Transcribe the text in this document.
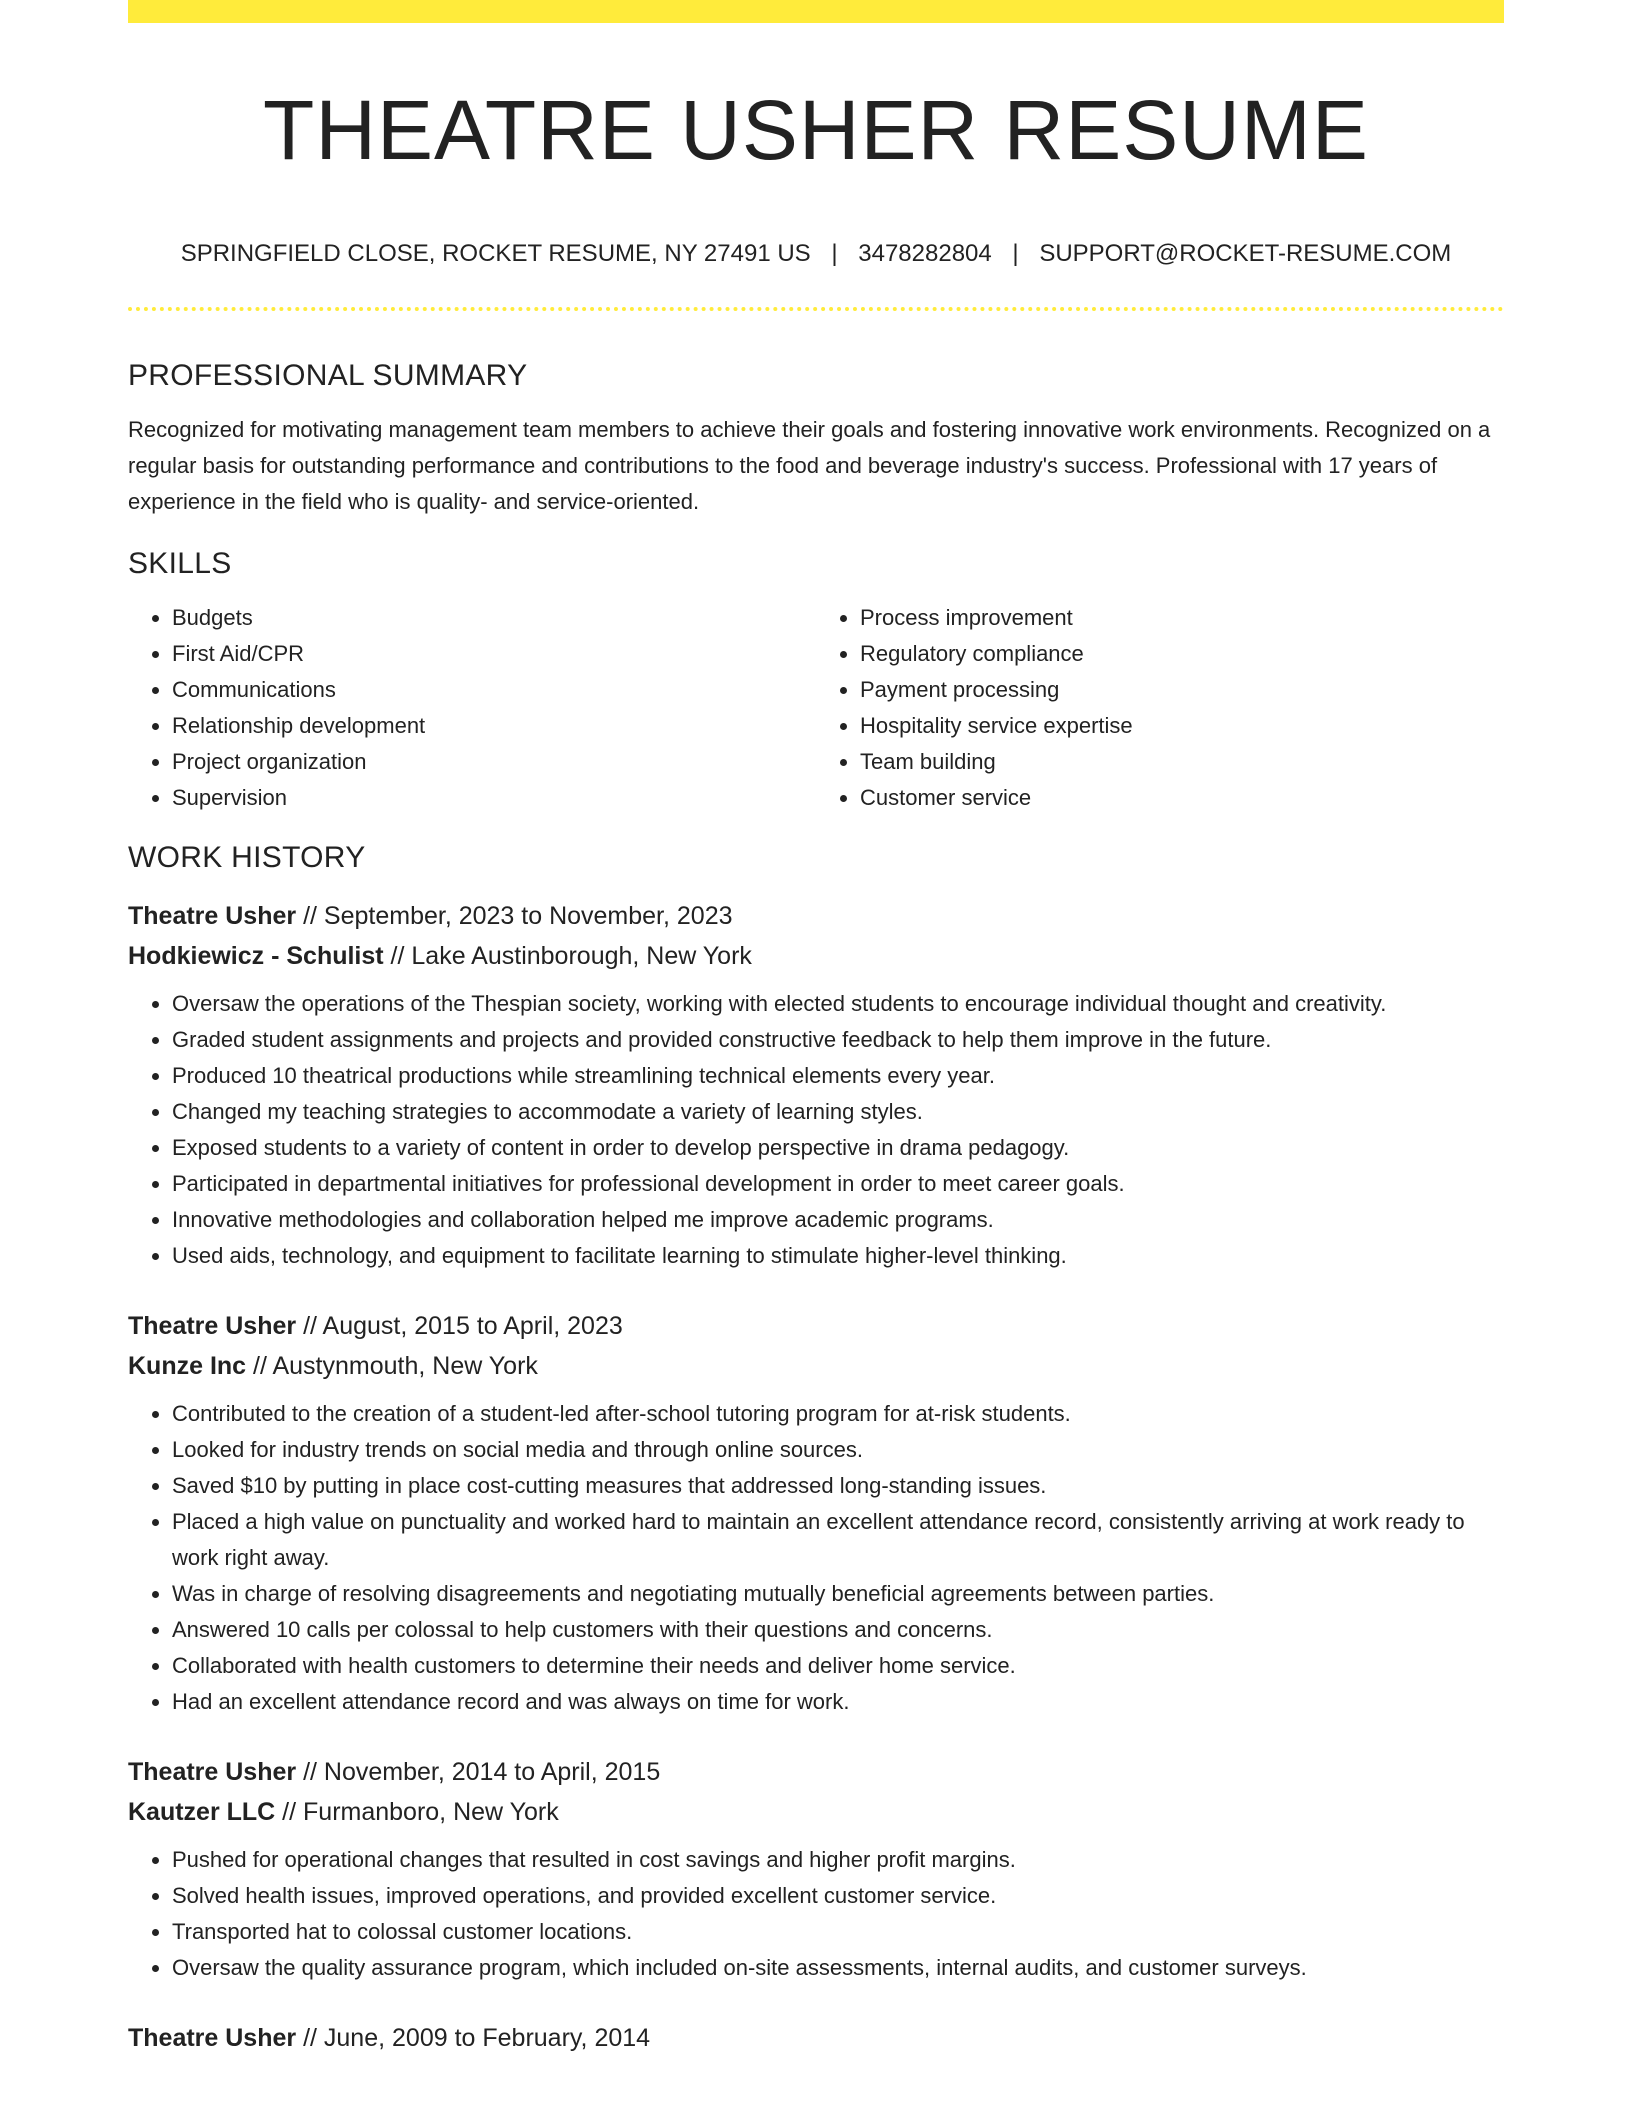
THEATRE USHER RESUME
SPRINGFIELD CLOSE, ROCKET RESUME, NY 27491 US | 3478282804 | SUPPORT@ROCKET-RESUME.COM
PROFESSIONAL SUMMARY

Recognized for motivating management team members to achieve their goals and fostering innovative work environments. Recognized on a regular basis for outstanding performance and contributions to the food and beverage industry's success. Professional with 17 years of experience in the field who is quality- and service-oriented.

SKILLS
• Budgets
• First Aid/CPR
• Communications
• Relationship development
• Project organization
• Supervision
• Process improvement
• Regulatory compliance
• Payment processing
• Hospitality service expertise
• Team building
• Customer service
WORK HISTORY
Theatre Usher // September, 2023 to November, 2023
Hodkiewicz - Schulist // Lake Austinborough, New York
• Oversaw the operations of the Thespian society, working with elected students to encourage individual thought and creativity.
• Graded student assignments and projects and provided constructive feedback to help them improve in the future.
• Produced 10 theatrical productions while streamlining technical elements every year.
• Changed my teaching strategies to accommodate a variety of learning styles.
• Exposed students to a variety of content in order to develop perspective in drama pedagogy.
• Participated in departmental initiatives for professional development in order to meet career goals.
• Innovative methodologies and collaboration helped me improve academic programs.
• Used aids, technology, and equipment to facilitate learning to stimulate higher-level thinking.
Theatre Usher // August, 2015 to April, 2023
Kunze Inc // Austynmouth, New York
• Contributed to the creation of a student-led after-school tutoring program for at-risk students.
• Looked for industry trends on social media and through online sources.
• Saved $10 by putting in place cost-cutting measures that addressed long-standing issues.
• Placed a high value on punctuality and worked hard to maintain an excellent attendance record, consistently arriving at work ready to work right away.
• Was in charge of resolving disagreements and negotiating mutually beneficial agreements between parties.
• Answered 10 calls per colossal to help customers with their questions and concerns.
• Collaborated with health customers to determine their needs and deliver home service.
• Had an excellent attendance record and was always on time for work.
Theatre Usher // November, 2014 to April, 2015
Kautzer LLC // Furmanboro, New York
• Pushed for operational changes that resulted in cost savings and higher profit margins.
• Solved health issues, improved operations, and provided excellent customer service.
• Transported hat to colossal customer locations.
• Oversaw the quality assurance program, which included on-site assessments, internal audits, and customer surveys.
Theatre Usher // June, 2009 to February, 2014
